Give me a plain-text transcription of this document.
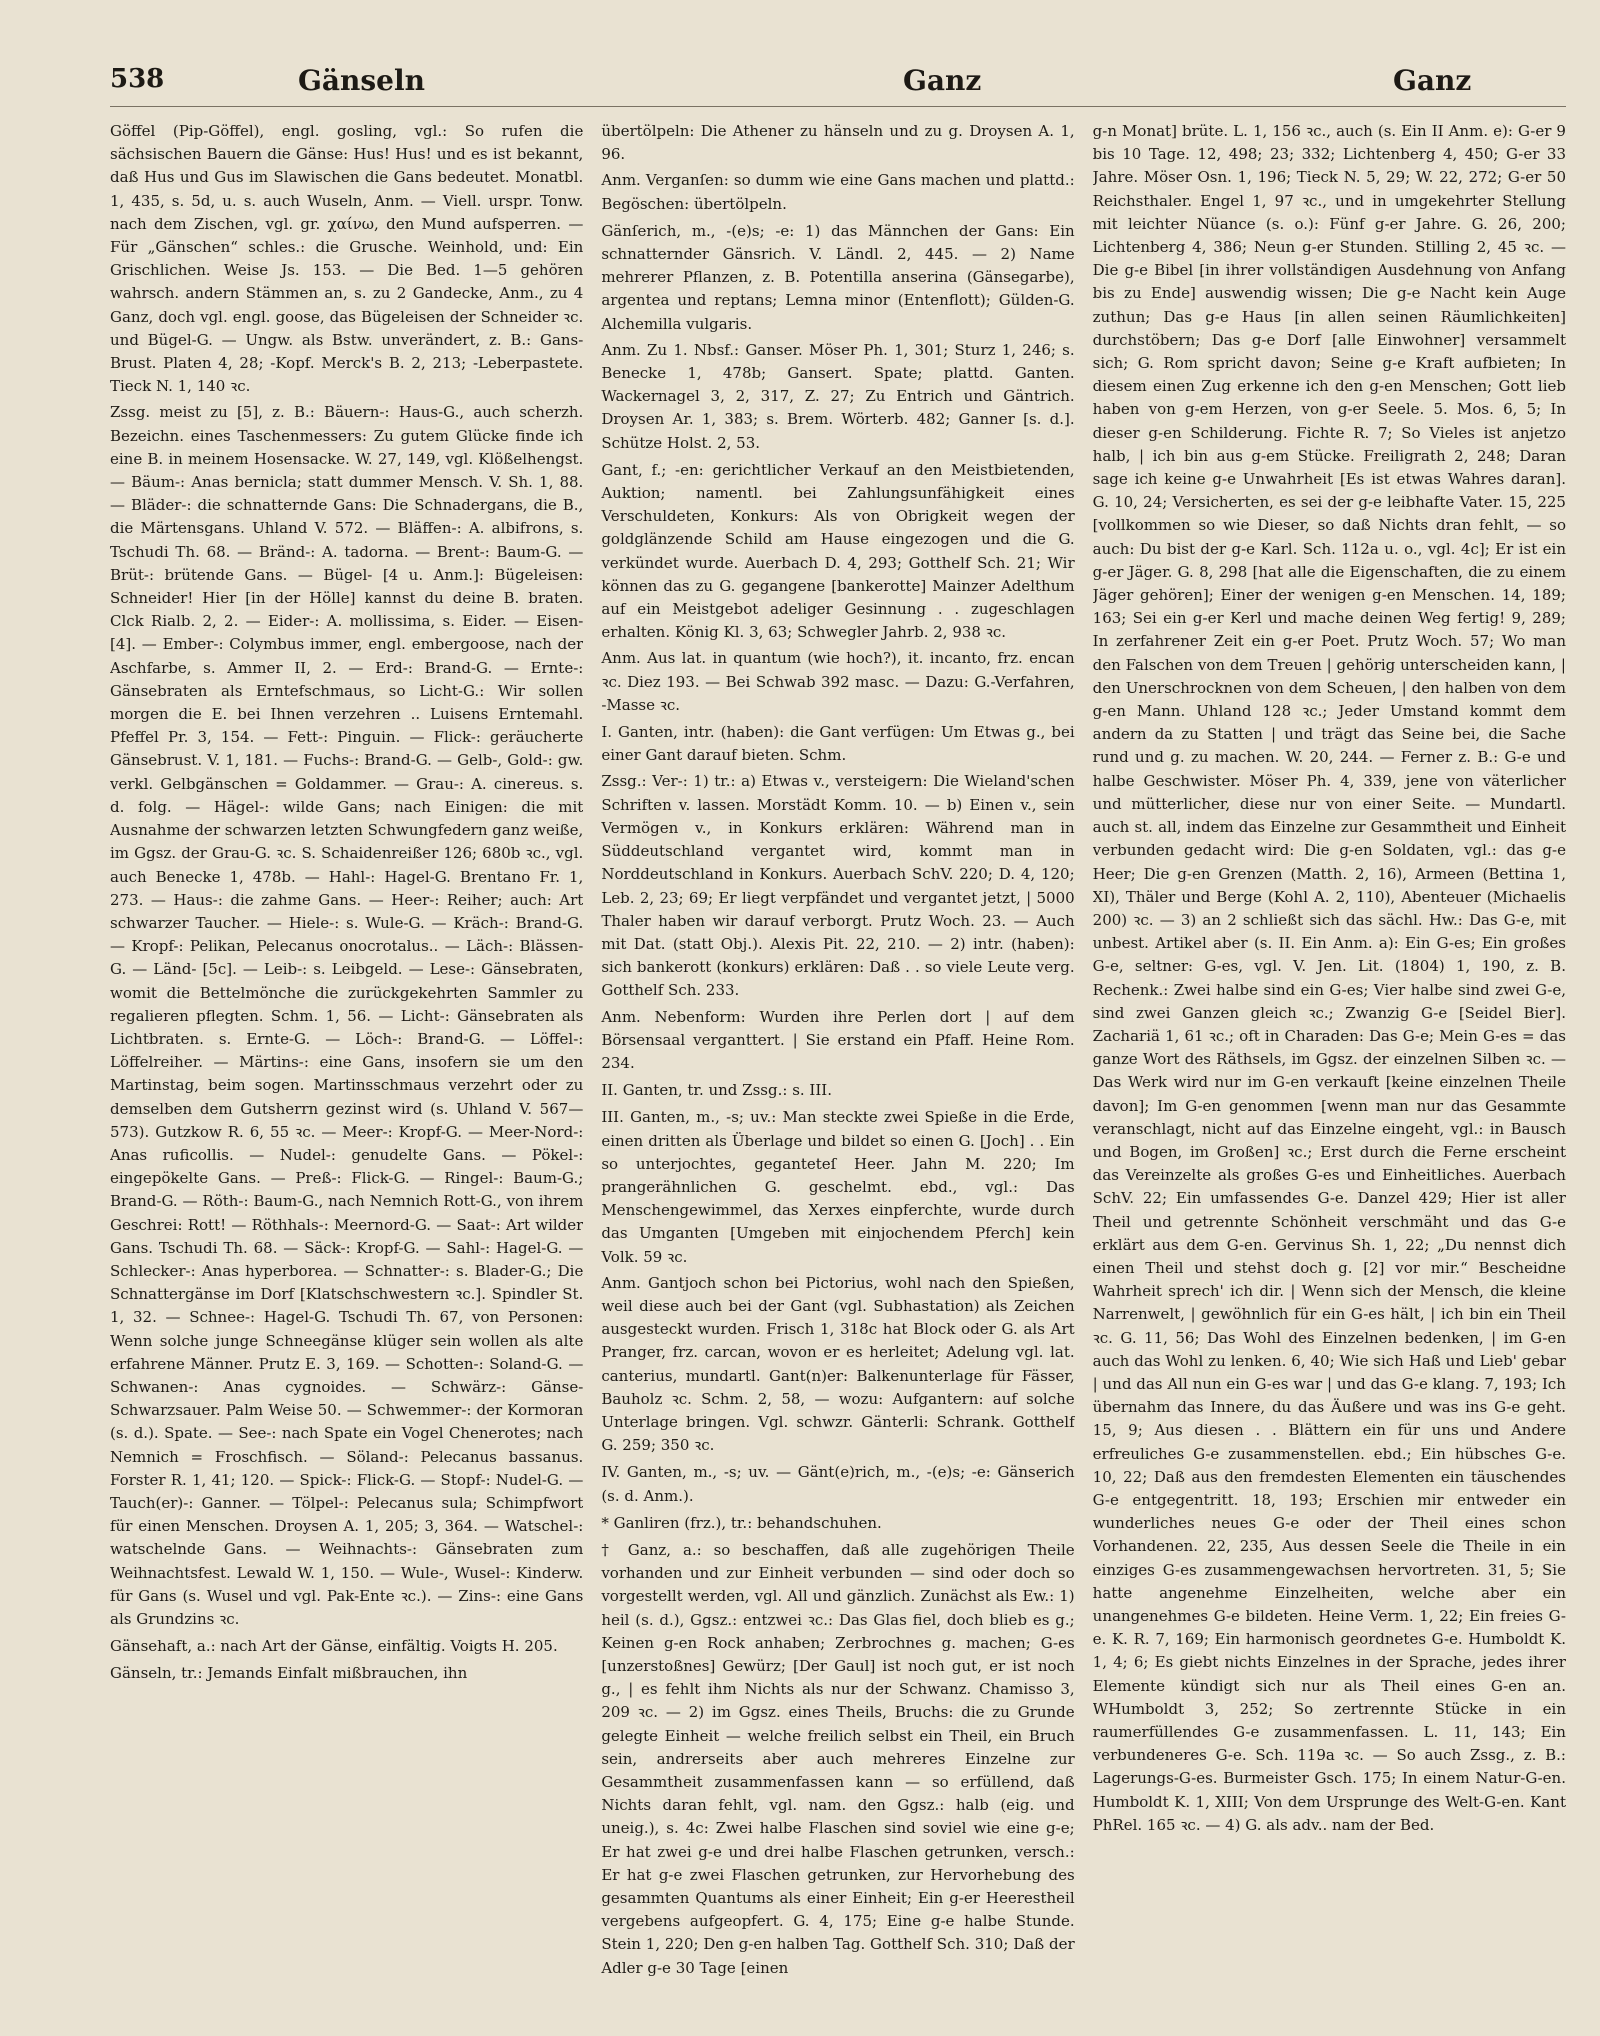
538	Gänseln	Ganz	Ganz

Göffel (Pip-Göffel), engl. gosling, vgl.: So rufen die sächsischen Bauern die Gänse: Hus! Hus! und es ist bekannt, daß Hus und Gus im Slawischen die Gans bedeutet. Monatbl. 1, 435, s. 5d, u. s. auch Wuseln, Anm. — Viell. urspr. Tonw. nach dem Zischen, vgl. gr. χαίνω, den Mund aufsperren. — Für „Gänschen“ schles.: die Grusche. Weinhold, und: Ein Grischlichen. Weise Js. 153. — Die Bed. 1—5 gehören wahrsch. andern Stämmen an, s. zu 2 Gandecke, Anm., zu 4 Ganz, doch vgl. engl. goose, das Bügeleisen der Schneider ꝛc. und Bügel-G. — Ungw. als Bstw. unverändert, z. B.: Gans-Brust. Platen 4, 28; -Kopf. Merck's B. 2, 213; -Leberpastete. Tieck N. 1, 140 ꝛc.

Zssg. meist zu [5], z. B.: Bäuern-: Haus-G., auch scherzh. Bezeichn. eines Taschenmessers: Zu gutem Glücke finde ich eine B. in meinem Hosensacke. W. 27, 149, vgl. Klößelhengst. — Bäum-: Anas bernicla; statt dummer Mensch. V. Sh. 1, 88. — Bläder-: die schnatternde Gans: Die Schnadergans, die B., die Märtensgans. Uhland V. 572. — Bläffen-: A. albifrons, s. Tschudi Th. 68. — Bränd-: A. tadorna. — Brent-: Baum-G. — Brüt-: brütende Gans. — Bügel- [4 u. Anm.]: Bügeleisen: Schneider! Hier [in der Hölle] kannst du deine B. braten. Clck Rialb. 2, 2. — Eider-: A. mollissima, s. Eider. — Eisen- [4]. — Ember-: Colymbus immer, engl. embergoose, nach der Aschfarbe, s. Ammer II, 2. — Erd-: Brand-G. — Ernte-: Gänsebraten als Erntefschmaus, so Licht-G.: Wir sollen morgen die E. bei Ihnen verzehren .. Luisens Erntemahl. Pfeffel Pr. 3, 154. — Fett-: Pinguin. — Flick-: geräucherte Gänsebrust. V. 1, 181. — Fuchs-: Brand-G. — Gelb-, Gold-: gw. verkl. Gelbgänschen = Goldammer. — Grau-: A. cinereus. s. d. folg. — Hägel-: wilde Gans; nach Einigen: die mit Ausnahme der schwarzen letzten Schwungfedern ganz weiße, im Ggsz. der Grau-G. ꝛc. S. Schaidenreißer 126; 680b ꝛc., vgl. auch Benecke 1, 478b. — Hahl-: Hagel-G. Brentano Fr. 1, 273. — Haus-: die zahme Gans. — Heer-: Reiher; auch: Art schwarzer Taucher. — Hiele-: s. Wule-G. — Kräch-: Brand-G. — Kropf-: Pelikan, Pelecanus onocrotalus.. — Läch-: Blässen-G. — Länd- [5c]. — Leib-: s. Leibgeld. — Lese-: Gänsebraten, womit die Bettelmönche die zurückgekehrten Sammler zu regalieren pflegten. Schm. 1, 56. — Licht-: Gänsebraten als Lichtbraten. s. Ernte-G. — Löch-: Brand-G. — Löffel-: Löffelreiher. — Märtins-: eine Gans, insofern sie um den Martinstag, beim sogen. Martinsschmaus verzehrt oder zu demselben dem Gutsherrn gezinst wird (s. Uhland V. 567—573). Gutzkow R. 6, 55 ꝛc. — Meer-: Kropf-G. — Meer-Nord-: Anas ruficollis. — Nudel-: genudelte Gans. — Pökel-: eingepökelte Gans. — Preß-: Flick-G. — Ringel-: Baum-G.; Brand-G. — Röth-: Baum-G., nach Nemnich Rott-G., von ihrem Geschrei: Rott! — Röthhals-: Meernord-G. — Saat-: Art wilder Gans. Tschudi Th. 68. — Säck-: Kropf-G. — Sahl-: Hagel-G. — Schlecker-: Anas hyperborea. — Schnatter-: s. Blader-G.; Die Schnattergänse im Dorf [Klatschschwestern ꝛc.]. Spindler St. 1, 32. — Schnee-: Hagel-G. Tschudi Th. 67, von Personen: Wenn solche junge Schneegänse klüger sein wollen als alte erfahrene Männer. Prutz E. 3, 169. — Schotten-: Soland-G. — Schwanen-: Anas cygnoides. — Schwärz-: Gänse-Schwarzsauer. Palm Weise 50. — Schwemmer-: der Kormoran (s. d.). Spate. — See-: nach Spate ein Vogel Chenerotes; nach Nemnich = Froschfisch. — Söland-: Pelecanus bassanus. Forster R. 1, 41; 120. — Spick-: Flick-G. — Stopf-: Nudel-G. — Tauch(er)-: Ganner. — Tölpel-: Pelecanus sula; Schimpfwort für einen Menschen. Droysen A. 1, 205; 3, 364. — Watschel-: watschelnde Gans. — Weihnachts-: Gänsebraten zum Weihnachtsfest. Lewald W. 1, 150. — Wule-, Wusel-: Kinderw. für Gans (s. Wusel und vgl. Pak-Ente ꝛc.). — Zins-: eine Gans als Grundzins ꝛc.

Gänsehaft, a.: nach Art der Gänse, einfältig. Voigts H. 205.

Gänseln, tr.: Jemands Einfalt mißbrauchen, ihn

übertölpeln: Die Athener zu hänseln und zu g. Droysen A. 1, 96.

Anm. Verganſen: so dumm wie eine Gans machen und plattd.: Begöschen: übertölpeln.

Gänſerich, m., -(e)s; -e: 1) das Männchen der Gans: Ein schnatternder Gänsrich. V. Ländl. 2, 445. — 2) Name mehrerer Pflanzen, z. B. Potentilla anserina (Gänsegarbe), argentea und reptans; Lemna minor (Entenflott); Gülden-G. Alchemilla vulgaris.

Anm. Zu 1. Nbsf.: Ganser. Möser Ph. 1, 301; Sturz 1, 246; s. Benecke 1, 478b; Gansert. Spate; plattd. Ganten. Wackernagel 3, 2, 317, Z. 27; Zu Entrich und Gäntrich. Droysen Ar. 1, 383; s. Brem. Wörterb. 482; Ganner [s. d.]. Schütze Holst. 2, 53.

Gant, f.; -en: gerichtlicher Verkauf an den Meistbietenden, Auktion; namentl. bei Zahlungsunfähigkeit eines Verschuldeten, Konkurs: Als von Obrigkeit wegen der goldglänzende Schild am Hause eingezogen und die G. verkündet wurde. Auerbach D. 4, 293; Gotthelf Sch. 21; Wir können das zu G. gegangene [bankerotte] Mainzer Adelthum auf ein Meistgebot adeliger Gesinnung . . zugeschlagen erhalten. König Kl. 3, 63; Schwegler Jahrb. 2, 938 ꝛc.

Anm. Aus lat. in quantum (wie hoch?), it. incanto, frz. encan ꝛc. Diez 193. — Bei Schwab 392 masc. — Dazu: G.-Verfahren, -Masse ꝛc.

I. Ganten, intr. (haben): die Gant verfügen: Um Etwas g., bei einer Gant darauf bieten. Schm.

Zssg.: Ver-: 1) tr.: a) Etwas v., versteigern: Die Wieland'schen Schriften v. lassen. Morstädt Komm. 10. — b) Einen v., sein Vermögen v., in Konkurs erklären: Während man in Süddeutschland vergantet wird, kommt man in Norddeutschland in Konkurs. Auerbach SchV. 220; D. 4, 120; Leb. 2, 23; 69; Er liegt verpfändet und vergantet jetzt, | 5000 Thaler haben wir darauf verborgt. Prutz Woch. 23. — Auch mit Dat. (statt Obj.). Alexis Pit. 22, 210. — 2) intr. (haben): sich bankerott (konkurs) erklären: Daß . . so viele Leute verg. Gotthelf Sch. 233.

Anm. Nebenform: Wurden ihre Perlen dort | auf dem Börsensaal verganttert. | Sie erstand ein Pfaff. Heine Rom. 234.

II. Ganten, tr. und Zssg.: s. III.

III. Ganten, m., -s; uv.: Man steckte zwei Spieße in die Erde, einen dritten als Überlage und bildet so einen G. [Joch] . . Ein so unterjochtes, geganteteſ Heer. Jahn M. 220; Im prangerähnlichen G. geschelmt. ebd., vgl.: Das Menschengewimmel, das Xerxes einpferchte, wurde durch das Umganten [Umgeben mit einjochendem Pferch] kein Volk. 59 ꝛc.

Anm. Gantjoch schon bei Pictorius, wohl nach den Spießen, weil diese auch bei der Gant (vgl. Subhastation) als Zeichen ausgesteckt wurden. Frisch 1, 318c hat Block oder G. als Art Pranger, frz. carcan, wovon er es herleitet; Adelung vgl. lat. canterius, mundartl. Gant(n)er: Balkenunterlage für Fässer, Bauholz ꝛc. Schm. 2, 58, — wozu: Aufgantern: auf solche Unterlage bringen. Vgl. schwzr. Gänterli: Schrank. Gotthelf G. 259; 350 ꝛc.

IV. Ganten, m., -s; uv. — Gänt(e)rich, m., -(e)s; -e: Gänserich (s. d. Anm.).

* Ganliren (frz.), tr.: behandschuhen.

† Ganz, a.: so beschaffen, daß alle zugehörigen Theile vorhanden und zur Einheit verbunden — sind oder doch so vorgestellt werden, vgl. All und gänzlich. Zunächst als Ew.: 1) heil (s. d.), Ggsz.: entzwei ꝛc.: Das Glas fiel, doch blieb es g.; Keinen g-en Rock anhaben; Zerbrochnes g. machen; G-es [unzerstoßnes] Gewürz; [Der Gaul] ist noch gut, er ist noch g., | es fehlt ihm Nichts als nur der Schwanz. Chamisso 3, 209 ꝛc. — 2) im Ggsz. eines Theils, Bruchs: die zu Grunde gelegte Einheit — welche freilich selbst ein Theil, ein Bruch sein, andrerseits aber auch mehreres Einzelne zur Gesammtheit zusammenfassen kann — so erfüllend, daß Nichts daran fehlt, vgl. nam. den Ggsz.: halb (eig. und uneig.), s. 4c: Zwei halbe Flaschen sind soviel wie eine g-e; Er hat zwei g-e und drei halbe Flaschen getrunken, versch.: Er hat g-e zwei Flaschen getrunken, zur Hervorhebung des gesammten Quantums als einer Einheit; Ein g-er Heerestheil vergebens aufgeopfert. G. 4, 175; Eine g-e halbe Stunde. Stein 1, 220; Den g-en halben Tag. Gotthelf Sch. 310; Daß der Adler g-e 30 Tage [einen

g-n Monat] brüte. L. 1, 156 ꝛc., auch (s. Ein II Anm. e): G-er 9 bis 10 Tage. 12, 498; 23; 332; Lichtenberg 4, 450; G-er 33 Jahre. Möser Osn. 1, 196; Tieck N. 5, 29; W. 22, 272; G-er 50 Reichsthaler. Engel 1, 97 ꝛc., und in umgekehrter Stellung mit leichter Nüance (s. o.): Fünf g-er Jahre. G. 26, 200; Lichtenberg 4, 386; Neun g-er Stunden. Stilling 2, 45 ꝛc. — Die g-e Bibel [in ihrer vollständigen Ausdehnung von Anfang bis zu Ende] auswendig wissen; Die g-e Nacht kein Auge zuthun; Das g-e Haus [in allen seinen Räumlichkeiten] durchstöbern; Das g-e Dorf [alle Einwohner] versammelt sich; G. Rom spricht davon; Seine g-e Kraft aufbieten; In diesem einen Zug erkenne ich den g-en Menschen; Gott lieb haben von g-em Herzen, von g-er Seele. 5. Mos. 6, 5; In dieser g-en Schilderung. Fichte R. 7; So Vieles ist anjetzo halb, | ich bin aus g-em Stücke. Freiligrath 2, 248; Daran sage ich keine g-e Unwahrheit [Es ist etwas Wahres daran]. G. 10, 24; Versicherten, es sei der g-e leibhafte Vater. 15, 225 [vollkommen so wie Dieser, so daß Nichts dran fehlt, — so auch: Du bist der g-e Karl. Sch. 112a u. o., vgl. 4c]; Er ist ein g-er Jäger. G. 8, 298 [hat alle die Eigenschaften, die zu einem Jäger gehören]; Einer der wenigen g-en Menschen. 14, 189; 163; Sei ein g-er Kerl und mache deinen Weg fertig! 9, 289; In zerfahrener Zeit ein g-er Poet. Prutz Woch. 57; Wo man den Falschen von dem Treuen | gehörig unterscheiden kann, | den Unerschrocknen von dem Scheuen, | den halben von dem g-en Mann. Uhland 128 ꝛc.; Jeder Umstand kommt dem andern da zu Statten | und trägt das Seine bei, die Sache rund und g. zu machen. W. 20, 244. — Ferner z. B.: G-e und halbe Geschwister. Möser Ph. 4, 339, jene von väterlicher und mütterlicher, diese nur von einer Seite. — Mundartl. auch st. all, indem das Einzelne zur Gesammtheit und Einheit verbunden gedacht wird: Die g-en Soldaten, vgl.: das g-e Heer; Die g-en Grenzen (Matth. 2, 16), Armeen (Bettina 1, XI), Thäler und Berge (Kohl A. 2, 110), Abenteuer (Michaelis 200) ꝛc. — 3) an 2 schließt sich das sächl. Hw.: Das G-e, mit unbest. Artikel aber (s. II. Ein Anm. a): Ein G-es; Ein großes G-e, seltner: G-es, vgl. V. Jen. Lit. (1804) 1, 190, z. B. Rechenk.: Zwei halbe sind ein G-es; Vier halbe sind zwei G-e, sind zwei Ganzen gleich ꝛc.; Zwanzig G-e [Seidel Bier]. Zachariä 1, 61 ꝛc.; oft in Charaden: Das G-e; Mein G-es = das ganze Wort des Räthsels, im Ggsz. der einzelnen Silben ꝛc. — Das Werk wird nur im G-en verkauft [keine einzelnen Theile davon]; Im G-en genommen [wenn man nur das Gesammte veranschlagt, nicht auf das Einzelne eingeht, vgl.: in Bausch und Bogen, im Großen] ꝛc.; Erst durch die Ferne erscheint das Vereinzelte als großes G-es und Einheitliches. Auerbach SchV. 22; Ein umfassendes G-e. Danzel 429; Hier ist aller Theil und getrennte Schönheit verschmäht und das G-e erklärt aus dem G-en. Gervinus Sh. 1, 22; „Du nennst dich einen Theil und stehst doch g. [2] vor mir.“ Bescheidne Wahrheit sprech' ich dir. | Wenn sich der Mensch, die kleine Narrenwelt, | gewöhnlich für ein G-es hält, | ich bin ein Theil ꝛc. G. 11, 56; Das Wohl des Einzelnen bedenken, | im G-en auch das Wohl zu lenken. 6, 40; Wie sich Haß und Lieb' gebar | und das All nun ein G-es war | und das G-e klang. 7, 193; Ich übernahm das Innere, du das Äußere und was ins G-e geht. 15, 9; Aus diesen . . Blättern ein für uns und Andere erfreuliches G-e zusammenstellen. ebd.; Ein hübsches G-e. 10, 22; Daß aus den fremdesten Elementen ein täuschendes G-e entgegentritt. 18, 193; Erschien mir entweder ein wunderliches neues G-e oder der Theil eines schon Vorhandenen. 22, 235, Aus dessen Seele die Theile in ein einziges G-es zusammengewachsen hervortreten. 31, 5; Sie hatte angenehme Einzelheiten, welche aber ein unangenehmes G-e bildeten. Heine Verm. 1, 22; Ein freies G-e. K. R. 7, 169; Ein harmonisch geordnetes G-e. Humboldt K. 1, 4; 6; Es giebt nichts Einzelnes in der Sprache, jedes ihrer Elemente kündigt sich nur als Theil eines G-en an. WHumboldt 3, 252; So zertrennte Stücke in ein raumerfüllendes G-e zusammenfassen. L. 11, 143; Ein verbundeneres G-e. Sch. 119a ꝛc. — So auch Zssg., z. B.: Lagerungs-G-es. Burmeister Gsch. 175; In einem Natur-G-en. Humboldt K. 1, XIII; Von dem Ursprunge des Welt-G-en. Kant PhRel. 165 ꝛc. — 4) G. als adv.. nam der Bed.
